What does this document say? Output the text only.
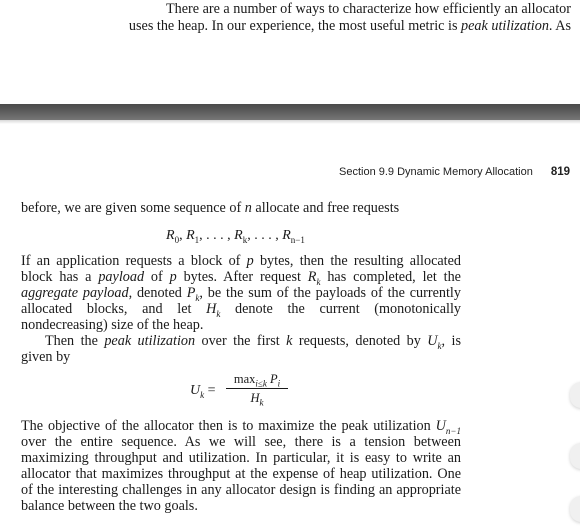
There are a number of ways to characterize how efficiently an allocator
uses the heap. In our experience, the most useful metric is peak utilization. As
Section 9.9 Dynamic Memory Allocation 819

before, we are given some sequence of n allocate and free requests

$R_0$, $R_1$, . . . , $R_k$, . . . , $R_{n-1}$

If an application requests a block of p bytes, then the resulting allocated block has a payload of p bytes. After request $R_k$ has completed, let the aggregate payload, denoted $P_k$, be the sum of the payloads of the currently allocated blocks, and let $H_k$ denote the current (monotonically nondecreasing) size of the heap.

Then the peak utilization over the first k requests, denoted by $U_k$, is given by

$U_k$ =
$\max_{i\le k} P_i$
$H_k$

The objective of the allocator then is to maximize the peak utilization $U_{n-1}$ over the entire sequence. As we will see, there is a tension between maximizing throughput and utilization. In particular, it is easy to write an allocator that maximizes throughput at the expense of heap utilization. One of the interesting challenges in any allocator design is finding an appropriate balance between the two goals.
